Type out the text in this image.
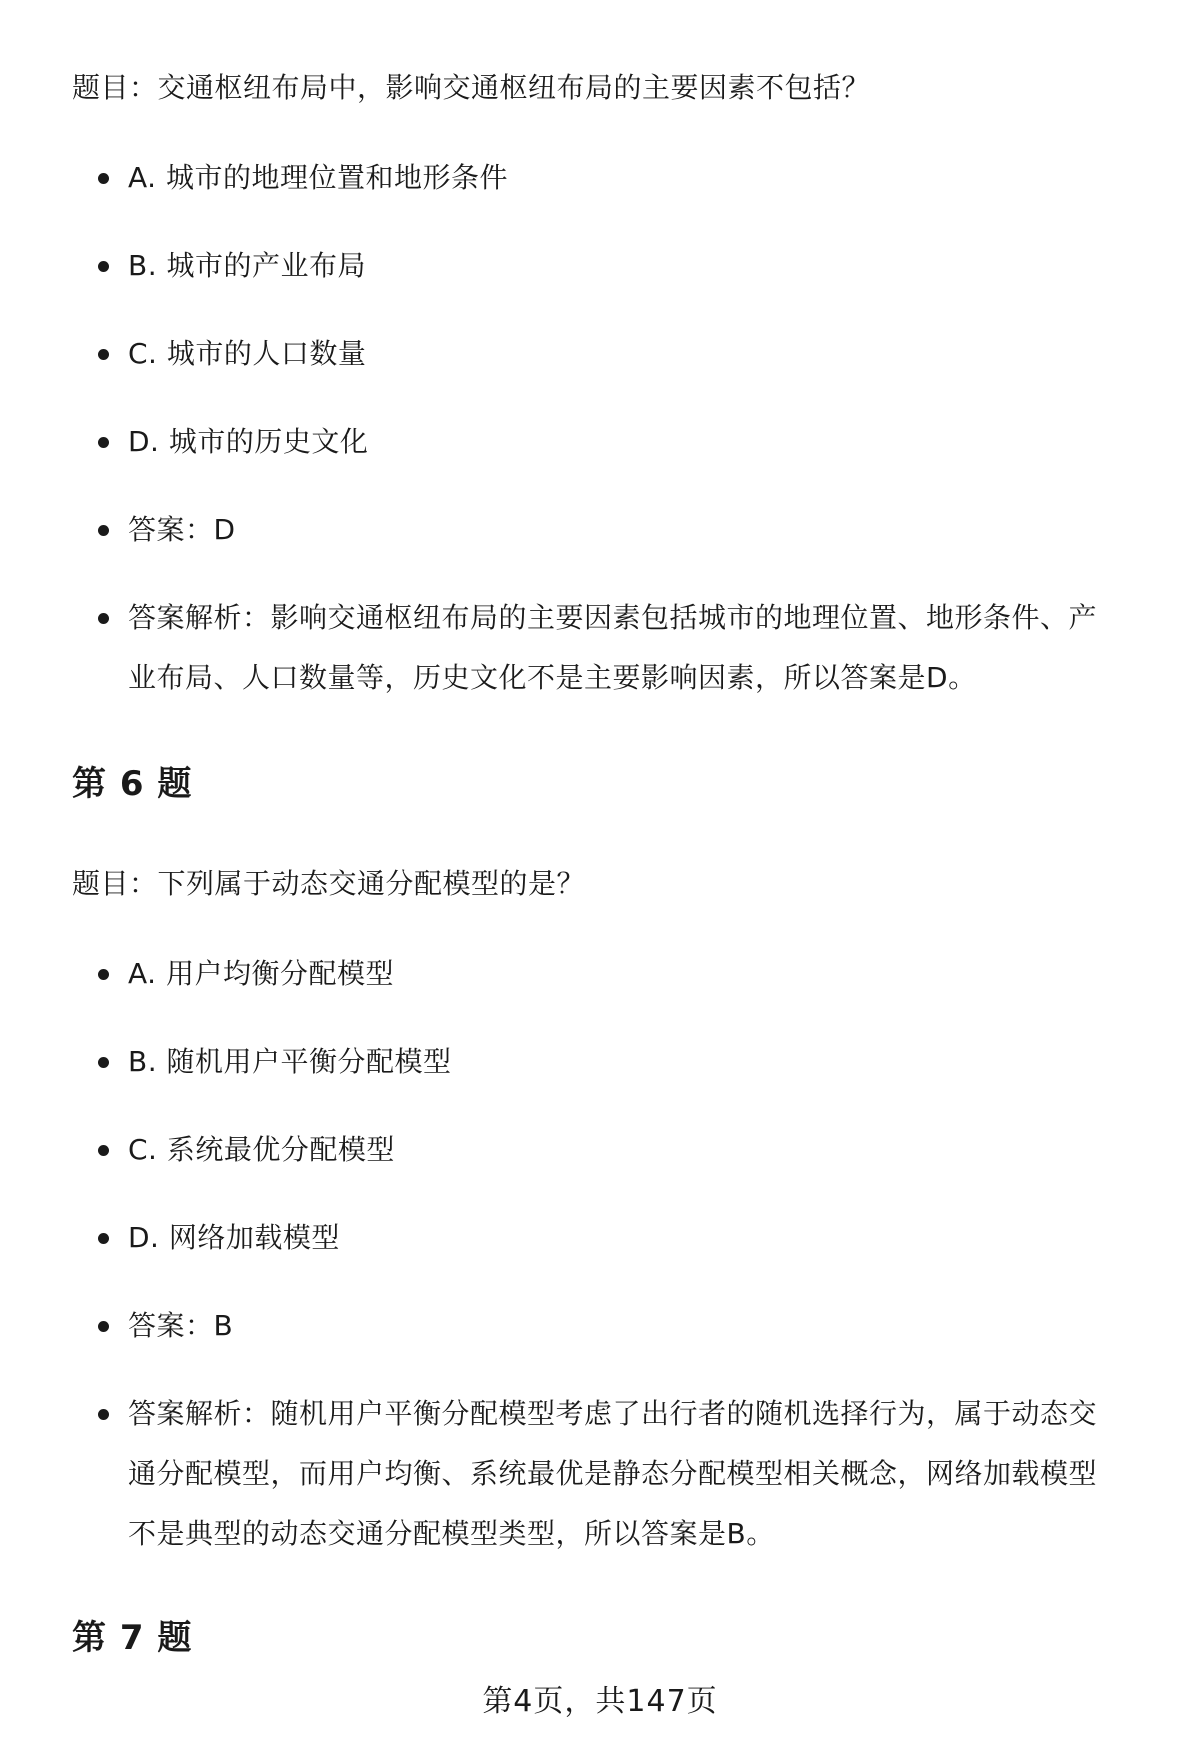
题目：交通枢纽布局中，影响交通枢纽布局的主要因素不包括？

A. 城市的地理位置和地形条件
B. 城市的产业布局
C. 城市的人口数量
D. 城市的历史文化
答案：D
答案解析：影响交通枢纽布局的主要因素包括城市的地理位置、地形条件、产
业布局、人口数量等，历史文化不是主要影响因素，所以答案是D。
第 6 题

题目：下列属于动态交通分配模型的是？

A. 用户均衡分配模型
B. 随机用户平衡分配模型
C. 系统最优分配模型
D. 网络加载模型
答案：B
答案解析：随机用户平衡分配模型考虑了出行者的随机选择行为，属于动态交
通分配模型，而用户均衡、系统最优是静态分配模型相关概念，网络加载模型
不是典型的动态交通分配模型类型，所以答案是B。
第 7 题
第4页，共147页
